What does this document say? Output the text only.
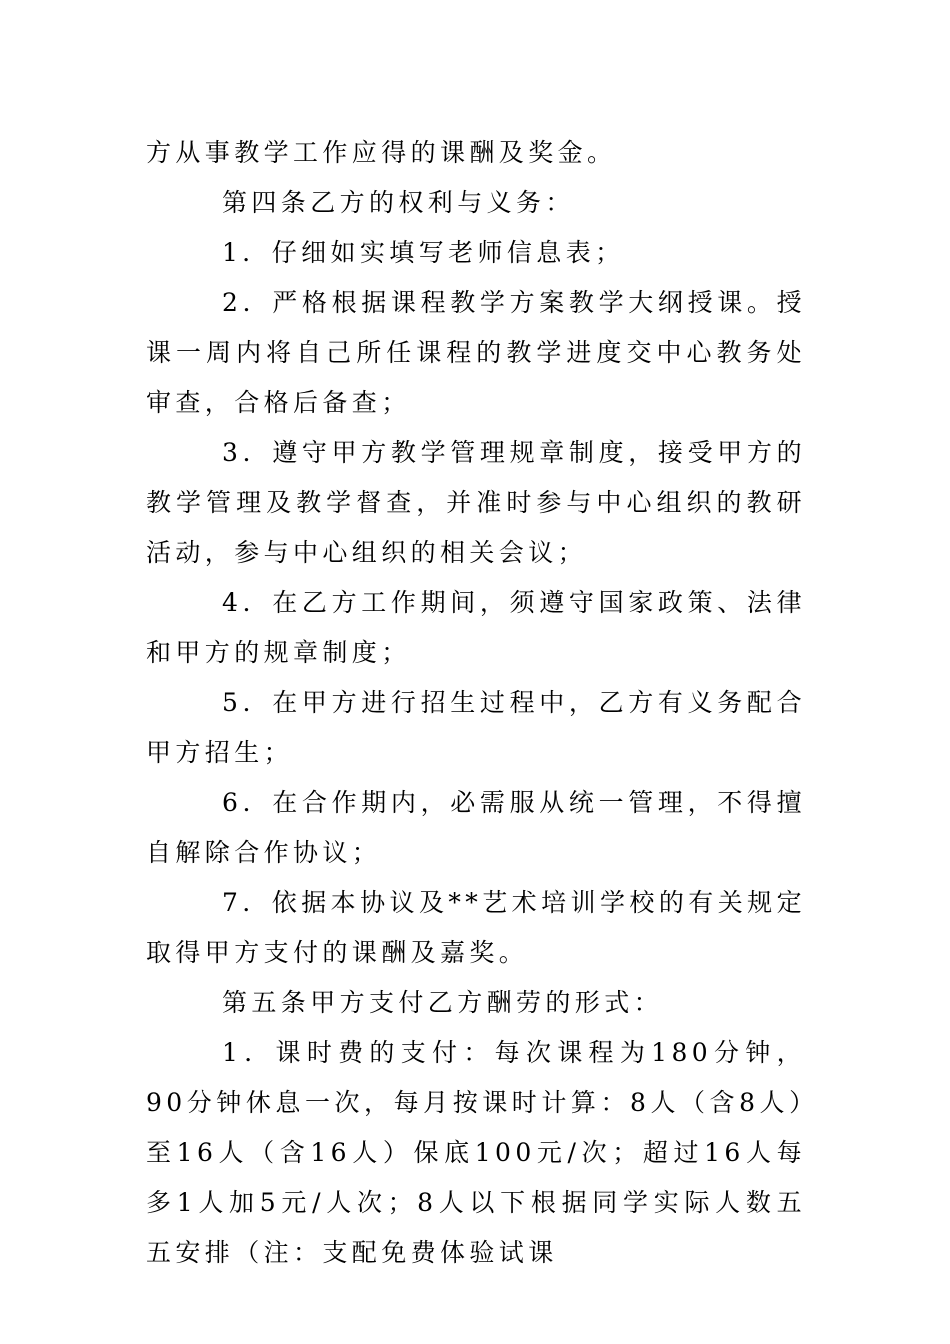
方从事教学工作应得的课酬及奖金。

第四条乙方的权利与义务：

1．仔细如实填写老师信息表；

2．严格根据课程教学方案教学大纲授课。授课一周内将自己所任课程的教学进度交中心教务处审查，合格后备查；

3．遵守甲方教学管理规章制度，接受甲方的教学管理及教学督查，并准时参与中心组织的教研活动，参与中心组织的相关会议；

4．在乙方工作期间，须遵守国家政策、法律和甲方的规章制度；

5．在甲方进行招生过程中，乙方有义务配合甲方招生；

6．在合作期内，必需服从统一管理，不得擅自解除合作协议；

7．依据本协议及**艺术培训学校的有关规定取得甲方支付的课酬及嘉奖。

第五条甲方支付乙方酬劳的形式：

1．课时费的支付：每次课程为180分钟，90分钟休息一次，每月按课时计算：8人（含8人）至16人（含16人）保底100元/次；超过16人每多1人加5元/人次；8人以下根据同学实际人数五五安排（注：支配免费体验试课
